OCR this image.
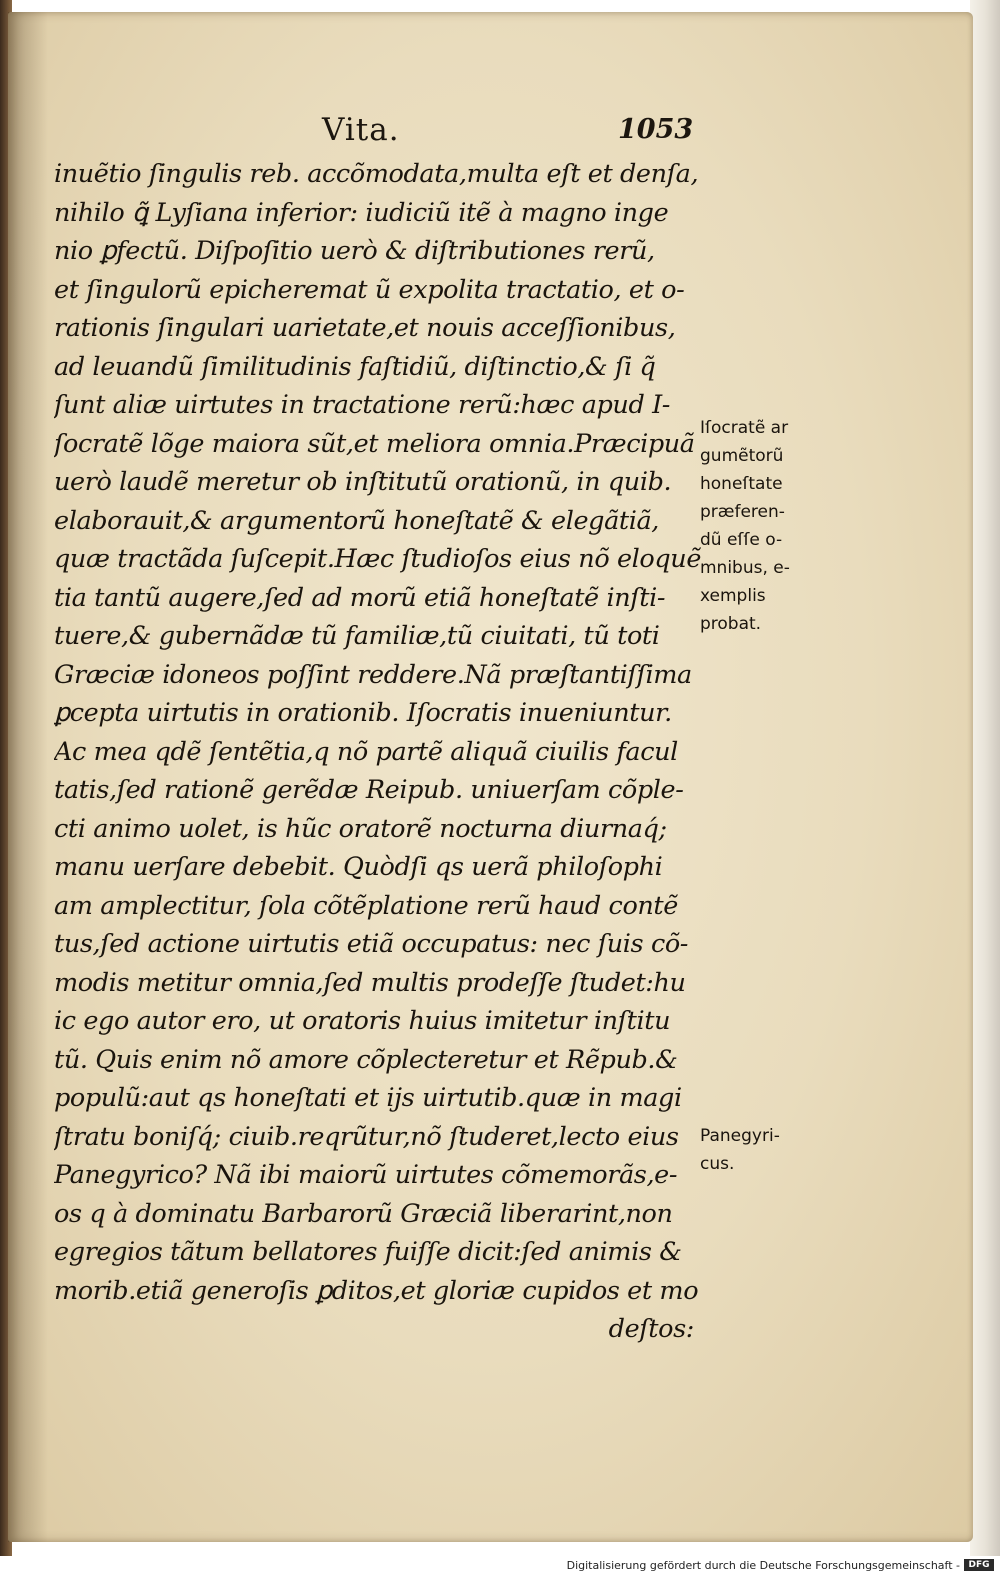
Vita.	1053
inuẽtio ſingulis reb. accõmodata,multa eſt et denſa,
nihilo ꝗ̃ Lyſiana inferior: iudiciũ itẽ à magno inge
nio ꝑfectũ. Diſpoſitio uerò & diſtributiones rerũ,
et ſingulorũ epicheremat ũ expolita tractatio, et o-
rationis ſingulari uarietate,et nouis acceſſionibus,
ad leuandũ ſimilitudinis faſtidiũ, diſtinctio,& ſi q̃
ſunt aliæ uirtutes in tractatione rerũ:hæc apud I-
ſocratẽ lõge maiora sũt,et meliora omnia.Præcipuã
uerò laudẽ meretur ob inſtitutũ orationũ, in quib.
elaborauit,& argumentorũ honeſtatẽ & elegãtiã,
quæ tractãda ſuſcepit.Hæc ſtudioſos eius nõ eloquẽ
tia tantũ augere,ſed ad morũ etiã honeſtatẽ inſti-
tuere,& gubernãdæ tũ familiæ,tũ ciuitati, tũ toti
Græciæ idoneos poſſint reddere.Nã præſtantiſſima
ꝑcepta uirtutis in orationib. Iſocratis inueniuntur.
Ac mea qdẽ ſentẽtia,q nõ partẽ aliquã ciuilis facul
tatis,ſed rationẽ gerẽdæ Reipub. uniuerſam cõple-
cti animo uolet, is hũc oratorẽ nocturna diurnaq́;
manu uerſare debebit. Quòdſi qs uerã philoſophi
am amplectitur, ſola cõtẽplatione rerũ haud contẽ
tus,ſed actione uirtutis etiã occupatus: nec ſuis cõ-
modis metitur omnia,ſed multis prodeſſe ſtudet:hu
ic ego autor ero, ut oratoris huius imitetur inſtitu
tũ. Quis enim nõ amore cõplecteretur et Rẽpub.&
populũ:aut qs honeſtati et ijs uirtutib.quæ in magi
ſtratu boniſq́; ciuib.reqrũtur,nõ ſtuderet,lecto eius
Panegyrico? Nã ibi maiorũ uirtutes cõmemorãs,e-
os q à dominatu Barbarorũ Græciã liberarint,non
egregios tãtum bellatores fuiſſe dicit:ſed animis &
morib.etiã generoſis ꝑditos,et gloriæ cupidos et mo
deſtos:
Iſocratẽ ar
gumẽtorũ
honeſtate
præferen-
dũ eſſe o-
mnibus, e-
xemplis
probat.
Panegyri-
cus.
Digitalisierung gefördert durch die Deutsche Forschungsgemeinschaft - DFG
